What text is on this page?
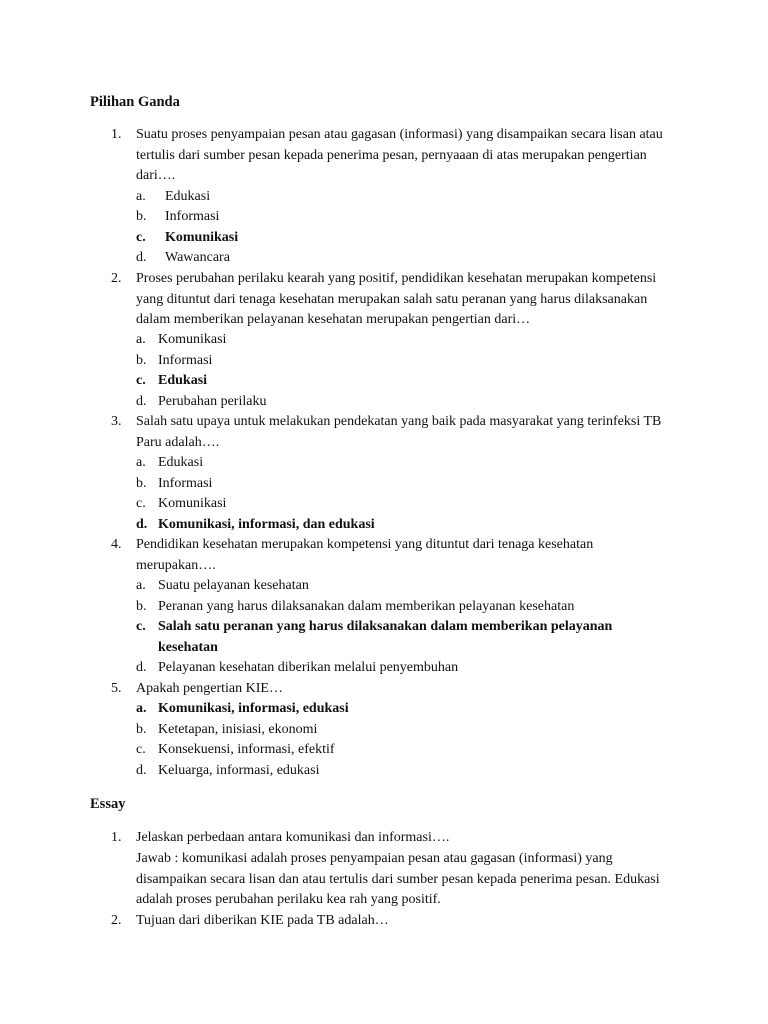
Pilihan Ganda
1. Suatu proses penyampaian pesan atau gagasan (informasi) yang disampaikan secara lisan atau tertulis dari sumber pesan kepada penerima pesan, pernyaaan di atas merupakan pengertian dari….

a. Edukasi
b. Informasi
c. Komunikasi
d. Wawancara
2. Proses perubahan perilaku kearah yang positif, pendidikan kesehatan merupakan kompetensi yang dituntut dari tenaga kesehatan merupakan salah satu peranan yang harus dilaksanakan dalam memberikan pelayanan kesehatan merupakan pengertian dari…

a. Komunikasi
b. Informasi
c. Edukasi
d. Perubahan perilaku
3. Salah satu upaya untuk melakukan pendekatan yang baik pada masyarakat yang terinfeksi TB Paru adalah….

a. Edukasi
b. Informasi
c. Komunikasi
d. Komunikasi, informasi, dan edukasi
4. Pendidikan kesehatan merupakan kompetensi yang dituntut dari tenaga kesehatan merupakan….

a. Suatu pelayanan kesehatan
b. Peranan yang harus dilaksanakan dalam memberikan pelayanan kesehatan
c. Salah satu peranan yang harus dilaksanakan dalam memberikan pelayanan kesehatan
d. Pelayanan kesehatan diberikan melalui penyembuhan
5. Apakah pengertian KIE…

a. Komunikasi, informasi, edukasi
b. Ketetapan, inisiasi, ekonomi
c. Konsekuensi, informasi, efektif
d. Keluarga, informasi, edukasi
Essay
1. Jelaskan perbedaan antara komunikasi dan informasi….

Jawab : komunikasi adalah proses penyampaian pesan atau gagasan (informasi) yang disampaikan secara lisan dan atau tertulis dari sumber pesan kepada penerima pesan. Edukasi adalah proses perubahan perilaku kea rah yang positif.

2. Tujuan dari diberikan KIE pada TB adalah…
